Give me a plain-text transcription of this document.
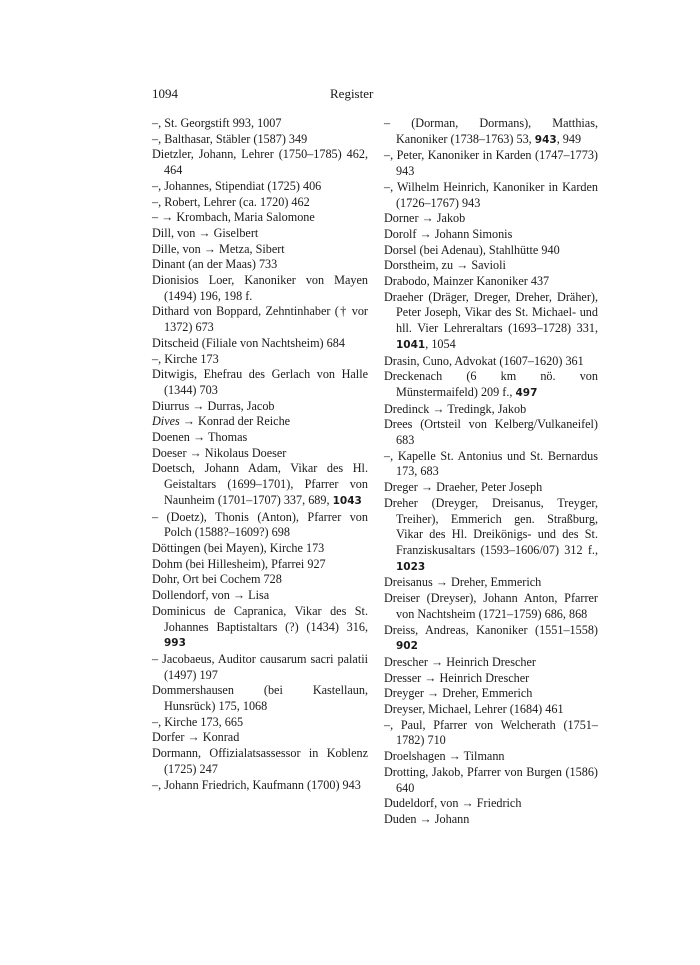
1094	Register

–, St. Georgstift 993, 1007

–, Balthasar, Stäbler (1587) 349

Dietzler, Johann, Lehrer (1750–1785) 462, 464

–, Johannes, Stipendiat (1725) 406

–, Robert, Lehrer (ca. 1720) 462

– → Krombach, Maria Salomone

Dill, von → Giselbert

Dille, von → Metza, Sibert

Dinant (an der Maas) 733

Dionisios Loer, Kanoniker von Mayen (1494) 196, 198 f.

Dithard von Boppard, Zehntinhaber († vor 1372) 673

Ditscheid (Filiale von Nachtsheim) 684

–, Kirche 173

Ditwigis, Ehefrau des Gerlach von Halle (1344) 703

Diurrus → Durras, Jacob

Dives → Konrad der Reiche

Doenen → Thomas

Doeser → Nikolaus Doeser

Doetsch, Johann Adam, Vikar des Hl. Geistaltars (1699–1701), Pfarrer von Naunheim (1701–1707) 337, 689, 1043

– (Doetz), Thonis (Anton), Pfarrer von Polch (1588?–1609?) 698

Döttingen (bei Mayen), Kirche 173

Dohm (bei Hillesheim), Pfarrei 927

Dohr, Ort bei Cochem 728

Dollendorf, von → Lisa

Dominicus de Capranica, Vikar des St. Johannes Baptistaltars (?) (1434) 316, 993

– Jacobaeus, Auditor causarum sacri palatii (1497) 197

Dommershausen (bei Kastellaun, Hunsrück) 175, 1068

–, Kirche 173, 665

Dorfer → Konrad

Dormann, Offizialatsassessor in Koblenz (1725) 247

–, Johann Friedrich, Kaufmann (1700) 943

– (Dorman, Dormans), Matthias, Kanoniker (1738–1763) 53, 943, 949

–, Peter, Kanoniker in Karden (1747–1773) 943

–, Wilhelm Heinrich, Kanoniker in Karden (1726–1767) 943

Dorner → Jakob

Dorolf → Johann Simonis

Dorsel (bei Adenau), Stahlhütte 940

Dorstheim, zu → Savioli

Drabodo, Mainzer Kanoniker 437

Draeher (Dräger, Dreger, Dreher, Dräher), Peter Joseph, Vikar des St. Michael- und hll. Vier Lehreraltars (1693–1728) 331, 1041, 1054

Drasin, Cuno, Advokat (1607–1620) 361

Dreckenach (6 km nö. von Münstermaifeld) 209 f., 497

Dredinck → Tredingk, Jakob

Drees (Ortsteil von Kelberg/Vulkaneifel) 683

–, Kapelle St. Antonius und St. Bernardus 173, 683

Dreger → Draeher, Peter Joseph

Dreher (Dreyger, Dreisanus, Treyger, Treiher), Emmerich gen. Straßburg, Vikar des Hl. Dreikönigs- und des St. Franziskusaltars (1593–1606/07) 312 f., 1023

Dreisanus → Dreher, Emmerich

Dreiser (Dreyser), Johann Anton, Pfarrer von Nachtsheim (1721–1759) 686, 868

Dreiss, Andreas, Kanoniker (1551–1558) 902

Drescher → Heinrich Drescher

Dresser → Heinrich Drescher

Dreyger → Dreher, Emmerich

Dreyser, Michael, Lehrer (1684) 461

–, Paul, Pfarrer von Welcherath (1751–1782) 710

Droelshagen → Tilmann

Drotting, Jakob, Pfarrer von Burgen (1586) 640

Dudeldorf, von → Friedrich

Duden → Johann
